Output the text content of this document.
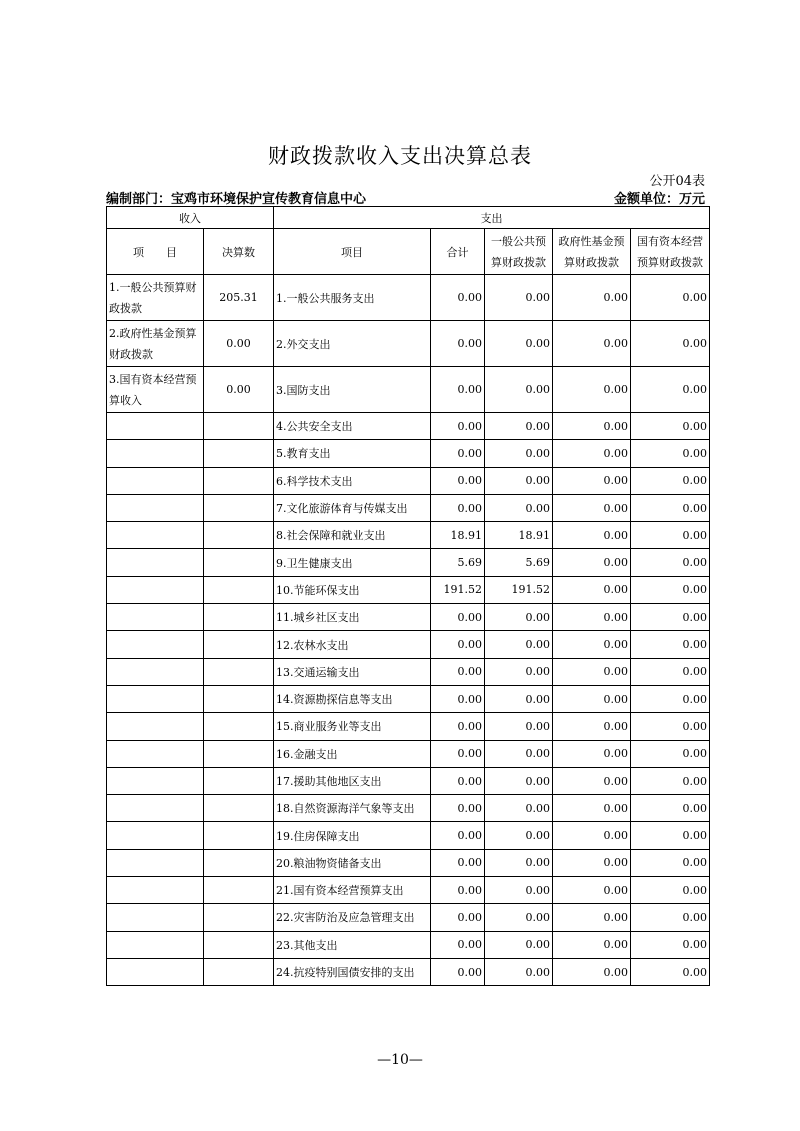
财政拨款收入支出决算总表
公开04表
编制部门：宝鸡市环境保护宣传教育信息中心	金额单位：万元
收入		支出				
项　　目	决算数	项目	合计	一般公共预算财政拨款	政府性基金预算财政拨款	国有资本经营预算财政拨款
1.一般公共预算财政拨款	205.31	1.一般公共服务支出	0.00	0.00	0.00	0.00
2.政府性基金预算财政拨款	0.00	2.外交支出	0.00	0.00	0.00	0.00
3.国有资本经营预算收入	0.00	3.国防支出	0.00	0.00	0.00	0.00
		4.公共安全支出	0.00	0.00	0.00	0.00
		5.教育支出	0.00	0.00	0.00	0.00
		6.科学技术支出	0.00	0.00	0.00	0.00
		7.文化旅游体育与传媒支出	0.00	0.00	0.00	0.00
		8.社会保障和就业支出	18.91	18.91	0.00	0.00
		9.卫生健康支出	5.69	5.69	0.00	0.00
		10.节能环保支出	191.52	191.52	0.00	0.00
		11.城乡社区支出	0.00	0.00	0.00	0.00
		12.农林水支出	0.00	0.00	0.00	0.00
		13.交通运输支出	0.00	0.00	0.00	0.00
		14.资源勘探信息等支出	0.00	0.00	0.00	0.00
		15.商业服务业等支出	0.00	0.00	0.00	0.00
		16.金融支出	0.00	0.00	0.00	0.00
		17.援助其他地区支出	0.00	0.00	0.00	0.00
		18.自然资源海洋气象等支出	0.00	0.00	0.00	0.00
		19.住房保障支出	0.00	0.00	0.00	0.00
		20.粮油物资储备支出	0.00	0.00	0.00	0.00
		21.国有资本经营预算支出	0.00	0.00	0.00	0.00
		22.灾害防治及应急管理支出	0.00	0.00	0.00	0.00
		23.其他支出	0.00	0.00	0.00	0.00
		24.抗疫特别国债安排的支出	0.00	0.00	0.00	0.00
—10—
